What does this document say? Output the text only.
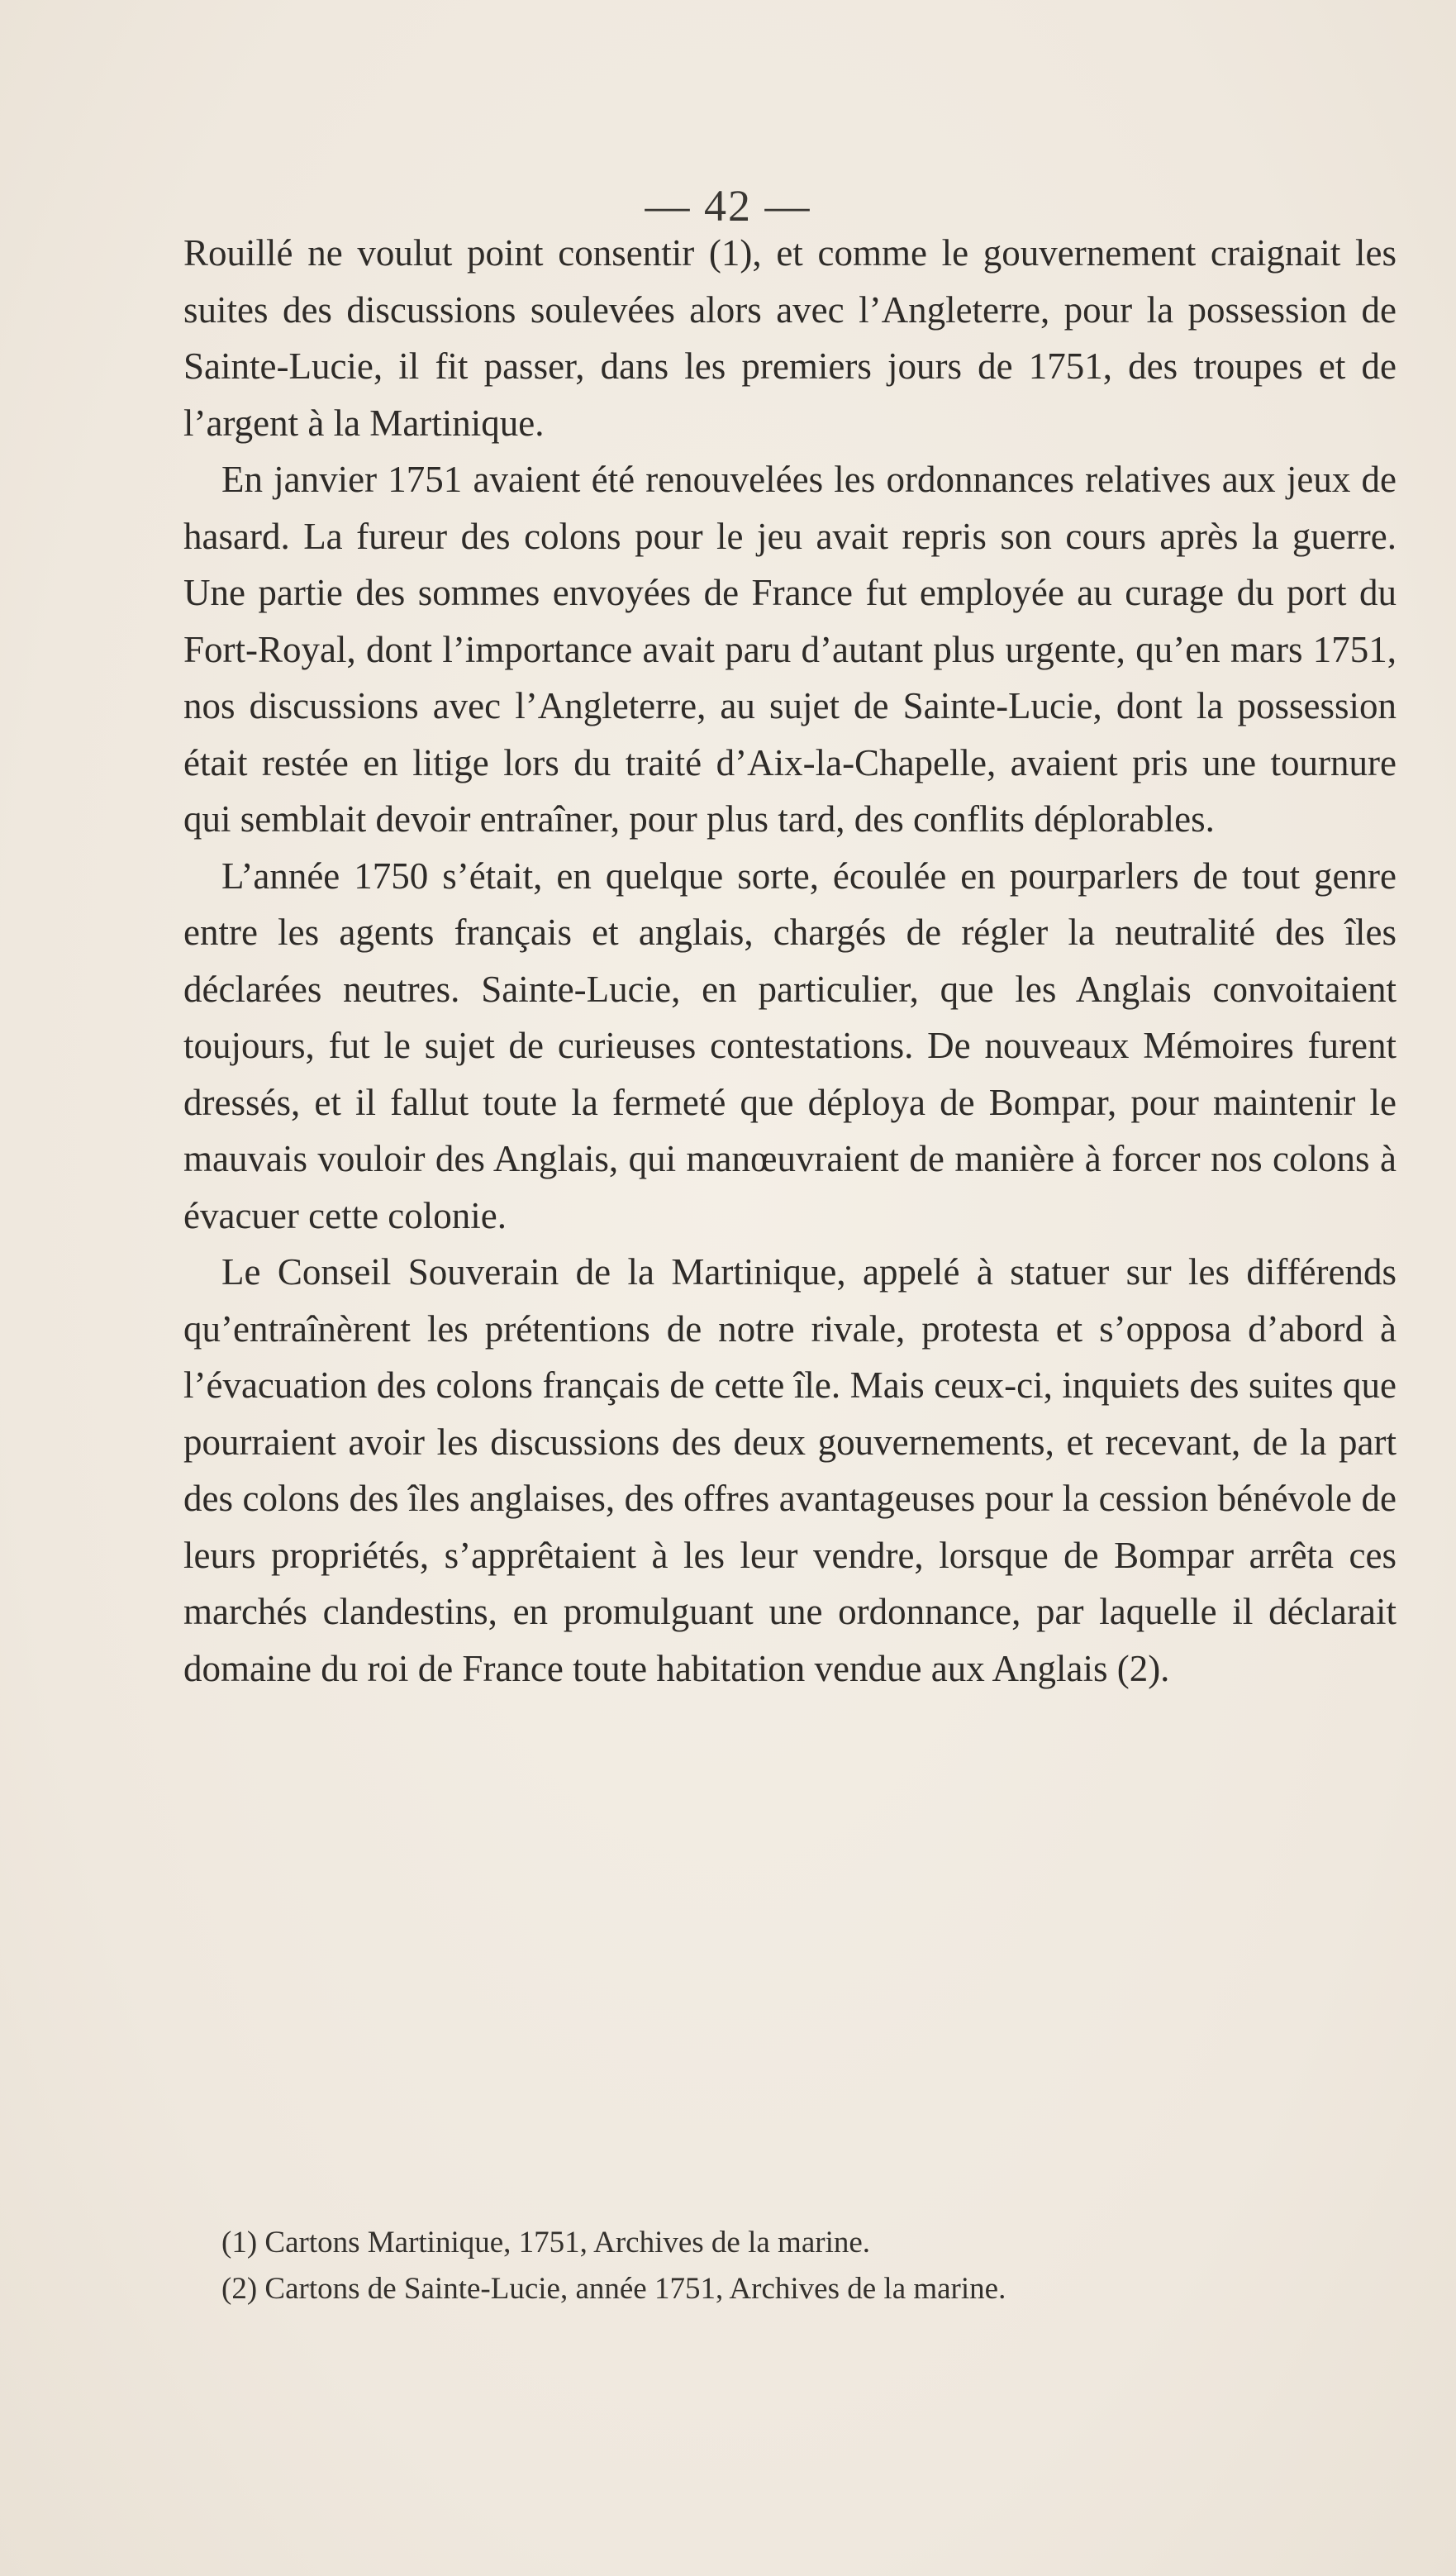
— 42 —

Rouillé ne voulut point consentir (1), et comme le gouvernement craignait les suites des discussions soulevées alors avec l’Angleterre, pour la possession de Sainte-Lucie, il fit passer, dans les premiers jours de 1751, des troupes et de l’argent à la Martinique.

En janvier 1751 avaient été renouvelées les ordonnances relatives aux jeux de hasard. La fureur des colons pour le jeu avait repris son cours après la guerre. Une partie des sommes envoyées de France fut employée au curage du port du Fort-Royal, dont l’importance avait paru d’autant plus urgente, qu’en mars 1751, nos discussions avec l’Angleterre, au sujet de Sainte-Lucie, dont la possession était restée en litige lors du traité d’Aix-la-Chapelle, avaient pris une tournure qui semblait devoir entraîner, pour plus tard, des conflits déplorables.

L’année 1750 s’était, en quelque sorte, écoulée en pourparlers de tout genre entre les agents français et anglais, chargés de régler la neutralité des îles déclarées neutres. Sainte-Lucie, en particulier, que les Anglais convoitaient toujours, fut le sujet de curieuses contestations. De nouveaux Mémoires furent dressés, et il fallut toute la fermeté que déploya de Bompar, pour maintenir le mauvais vouloir des Anglais, qui manœuvraient de manière à forcer nos colons à évacuer cette colonie.

Le Conseil Souverain de la Martinique, appelé à statuer sur les différends qu’entraînèrent les prétentions de notre rivale, protesta et s’opposa d’abord à l’évacuation des colons français de cette île. Mais ceux-ci, inquiets des suites que pourraient avoir les discussions des deux gouvernements, et recevant, de la part des colons des îles anglaises, des offres avantageuses pour la cession bénévole de leurs propriétés, s’apprêtaient à les leur vendre, lorsque de Bompar arrêta ces marchés clandestins, en promulguant une ordonnance, par laquelle il déclarait domaine du roi de France toute habitation vendue aux Anglais (2).

(1) Cartons Martinique, 1751, Archives de la marine.

(2) Cartons de Sainte-Lucie, année 1751, Archives de la marine.
